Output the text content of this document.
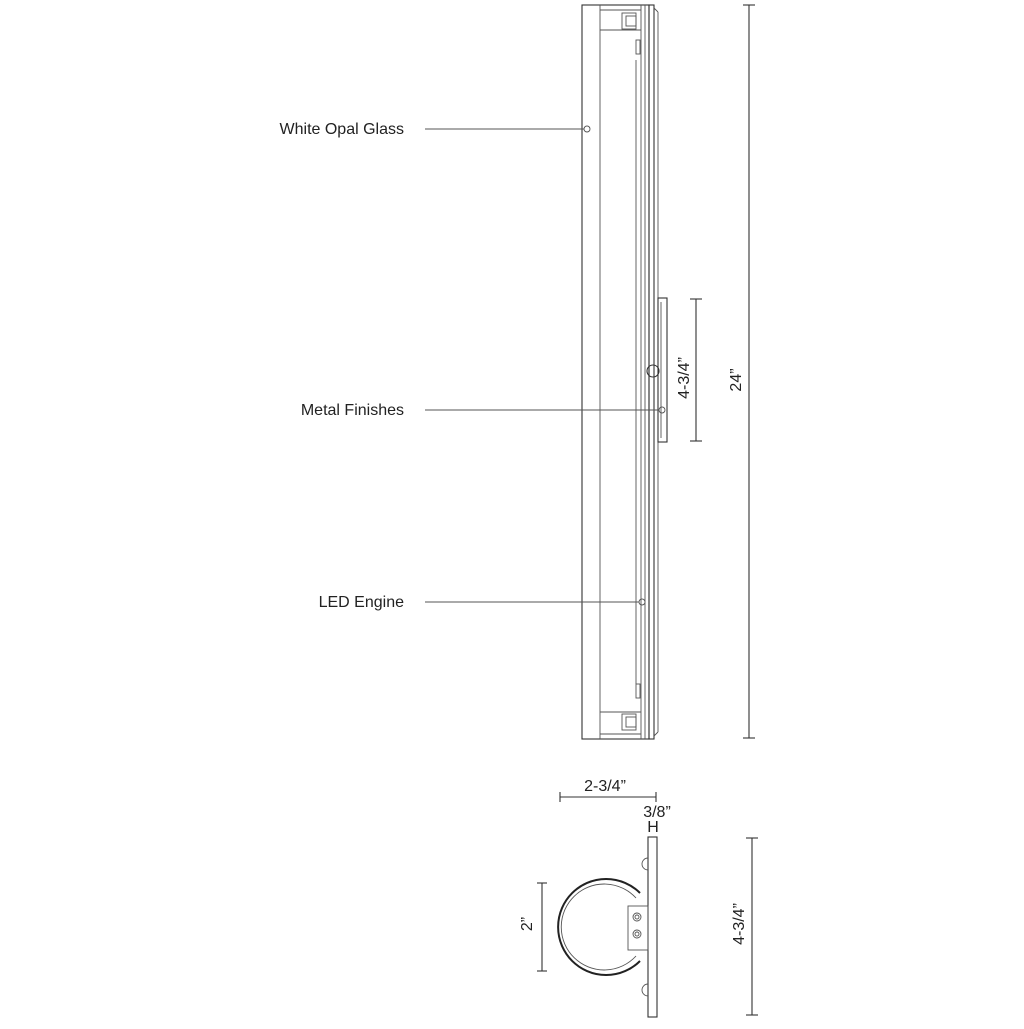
White Opal Glass
Metal Finishes
LED Engine
24”
4-3/4”
2-3/4”
3/8”
H
2”	4-3/4”
